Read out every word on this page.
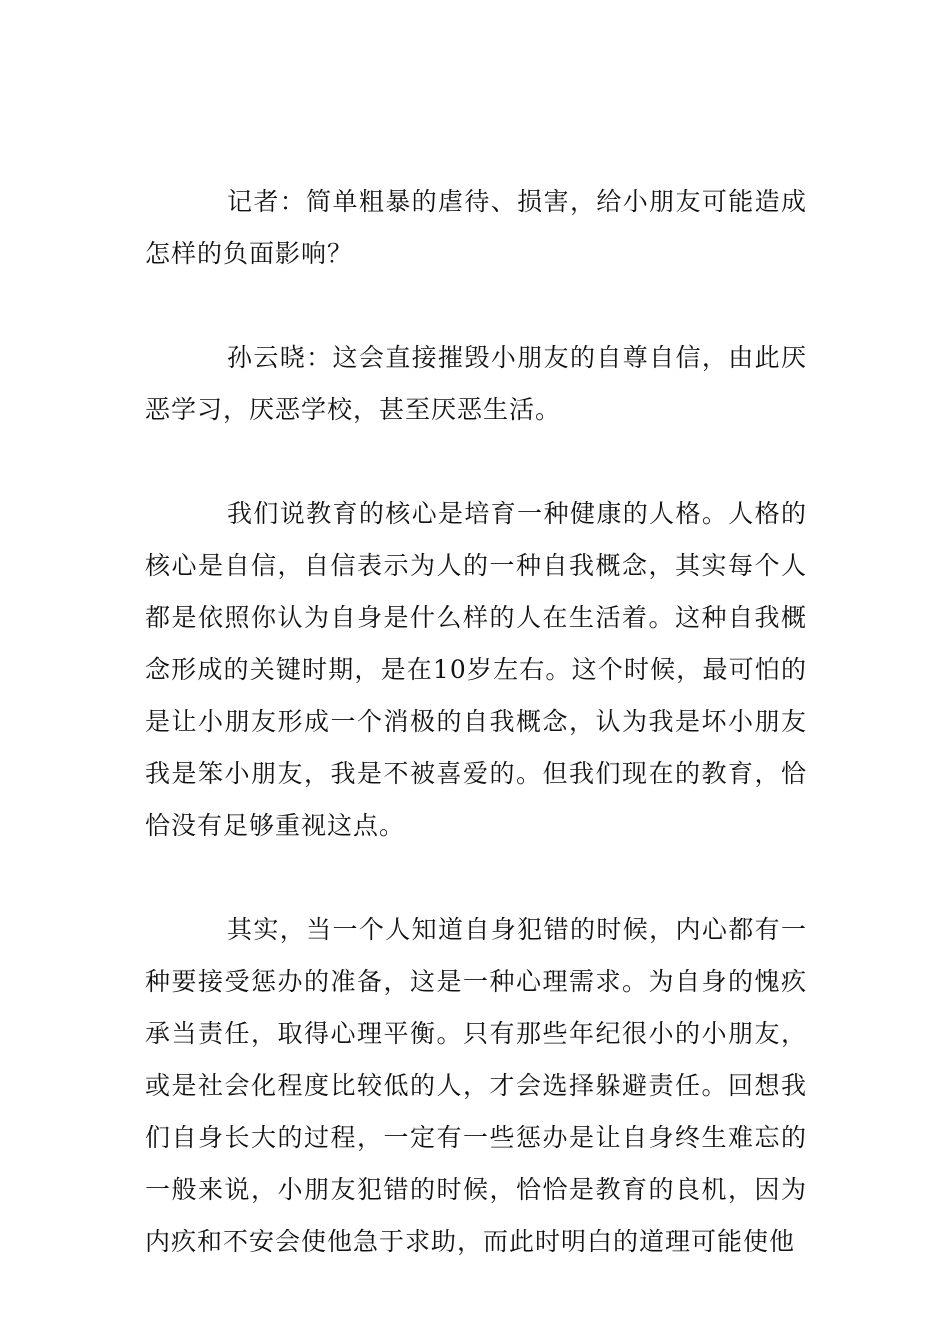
记者：简单粗暴的虐待、损害，给小朋友可能造成怎样的负面影响？

孙云晓：这会直接摧毁小朋友的自尊自信，由此厌恶学习，厌恶学校，甚至厌恶生活。

我们说教育的核心是培育一种健康的人格。人格的核心是自信，自信表示为人的一种自我概念，其实每个人都是依照你认为自身是什么样的人在生活着。这种自我概念形成的关键时期，是在10岁左右。这个时候，最可怕的是让小朋友形成一个消极的自我概念，认为我是坏小朋友我是笨小朋友，我是不被喜爱的。但我们现在的教育，恰恰没有足够重视这点。

其实，当一个人知道自身犯错的时候，内心都有一种要接受惩办的准备，这是一种心理需求。为自身的愧疚承当责任，取得心理平衡。只有那些年纪很小的小朋友，或是社会化程度比较低的人，才会选择躲避责任。回想我们自身长大的过程，一定有一些惩办是让自身终生难忘的一般来说，小朋友犯错的时候，恰恰是教育的良机，因为内疚和不安会使他急于求助，而此时明白的道理可能使他
